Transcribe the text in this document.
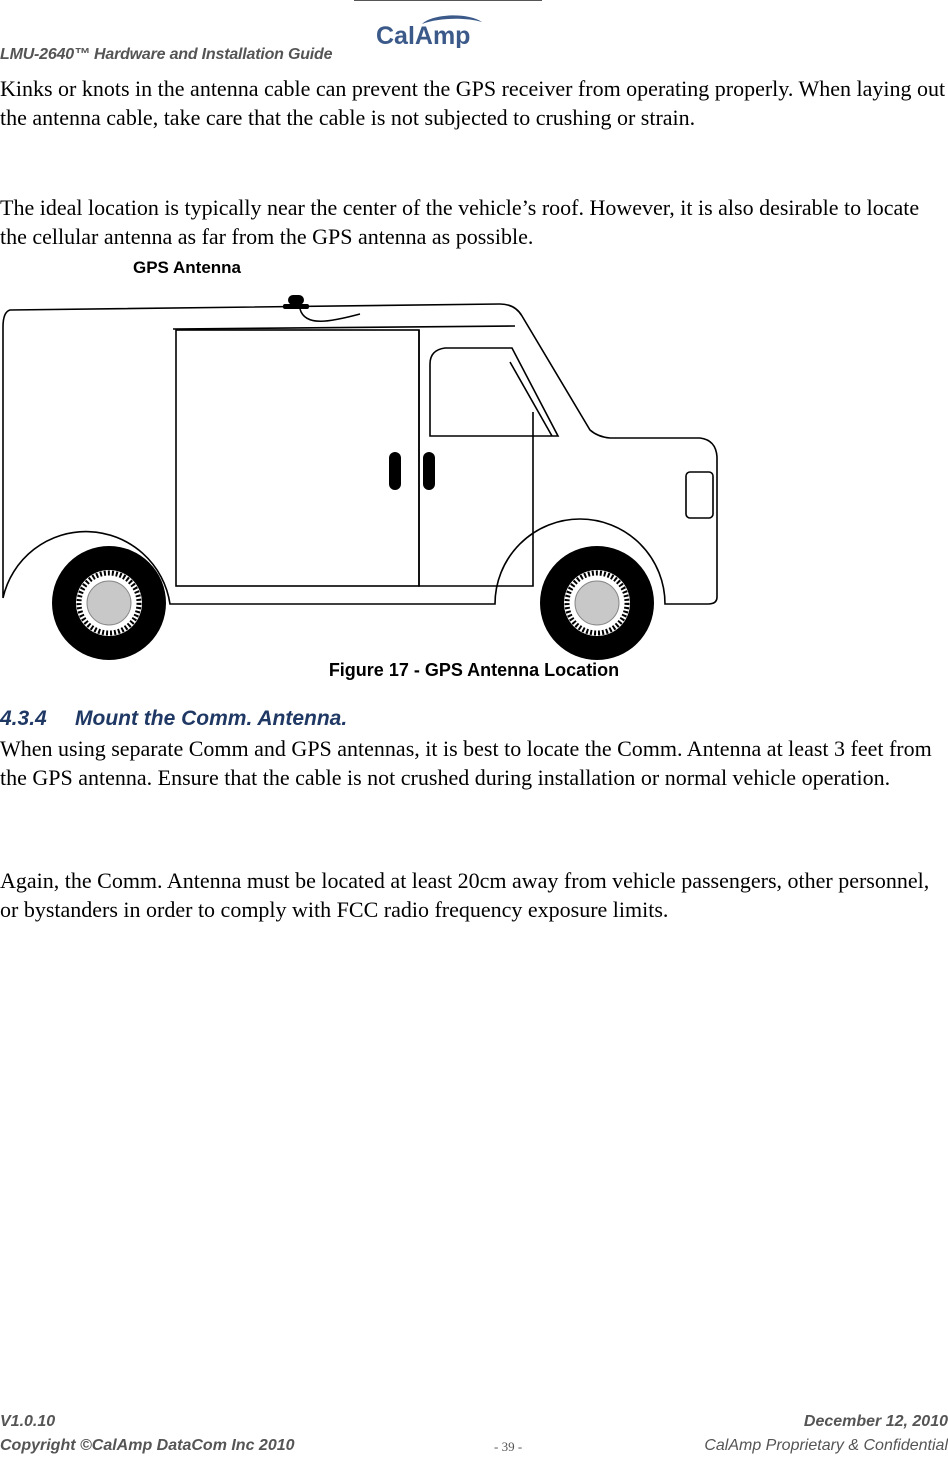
CalAmp
LMU-2640™ Hardware and Installation Guide

Kinks or knots in the antenna cable can prevent the GPS receiver from operating properly. When laying out the antenna cable, take care that the cable is not subjected to crushing or strain.

The ideal location is typically near the center of the vehicle’s roof. However, it is also desirable to locate the cellular antenna as far from the GPS antenna as possible.

GPS Antenna
Figure 17 - GPS Antenna Location
4.3.4	Mount the Comm. Antenna.

When using separate Comm and GPS antennas, it is best to locate the Comm. Antenna at least 3 feet from the GPS antenna. Ensure that the cable is not crushed during installation or normal vehicle operation.

Again, the Comm. Antenna must be located at least 20cm away from vehicle passengers, other personnel, or bystanders in order to comply with FCC radio frequency exposure limits.

V1.0.10	December 12, 2010
Copyright ©CalAmp DataCom Inc 2010	- 39 -	CalAmp Proprietary & Confidential
